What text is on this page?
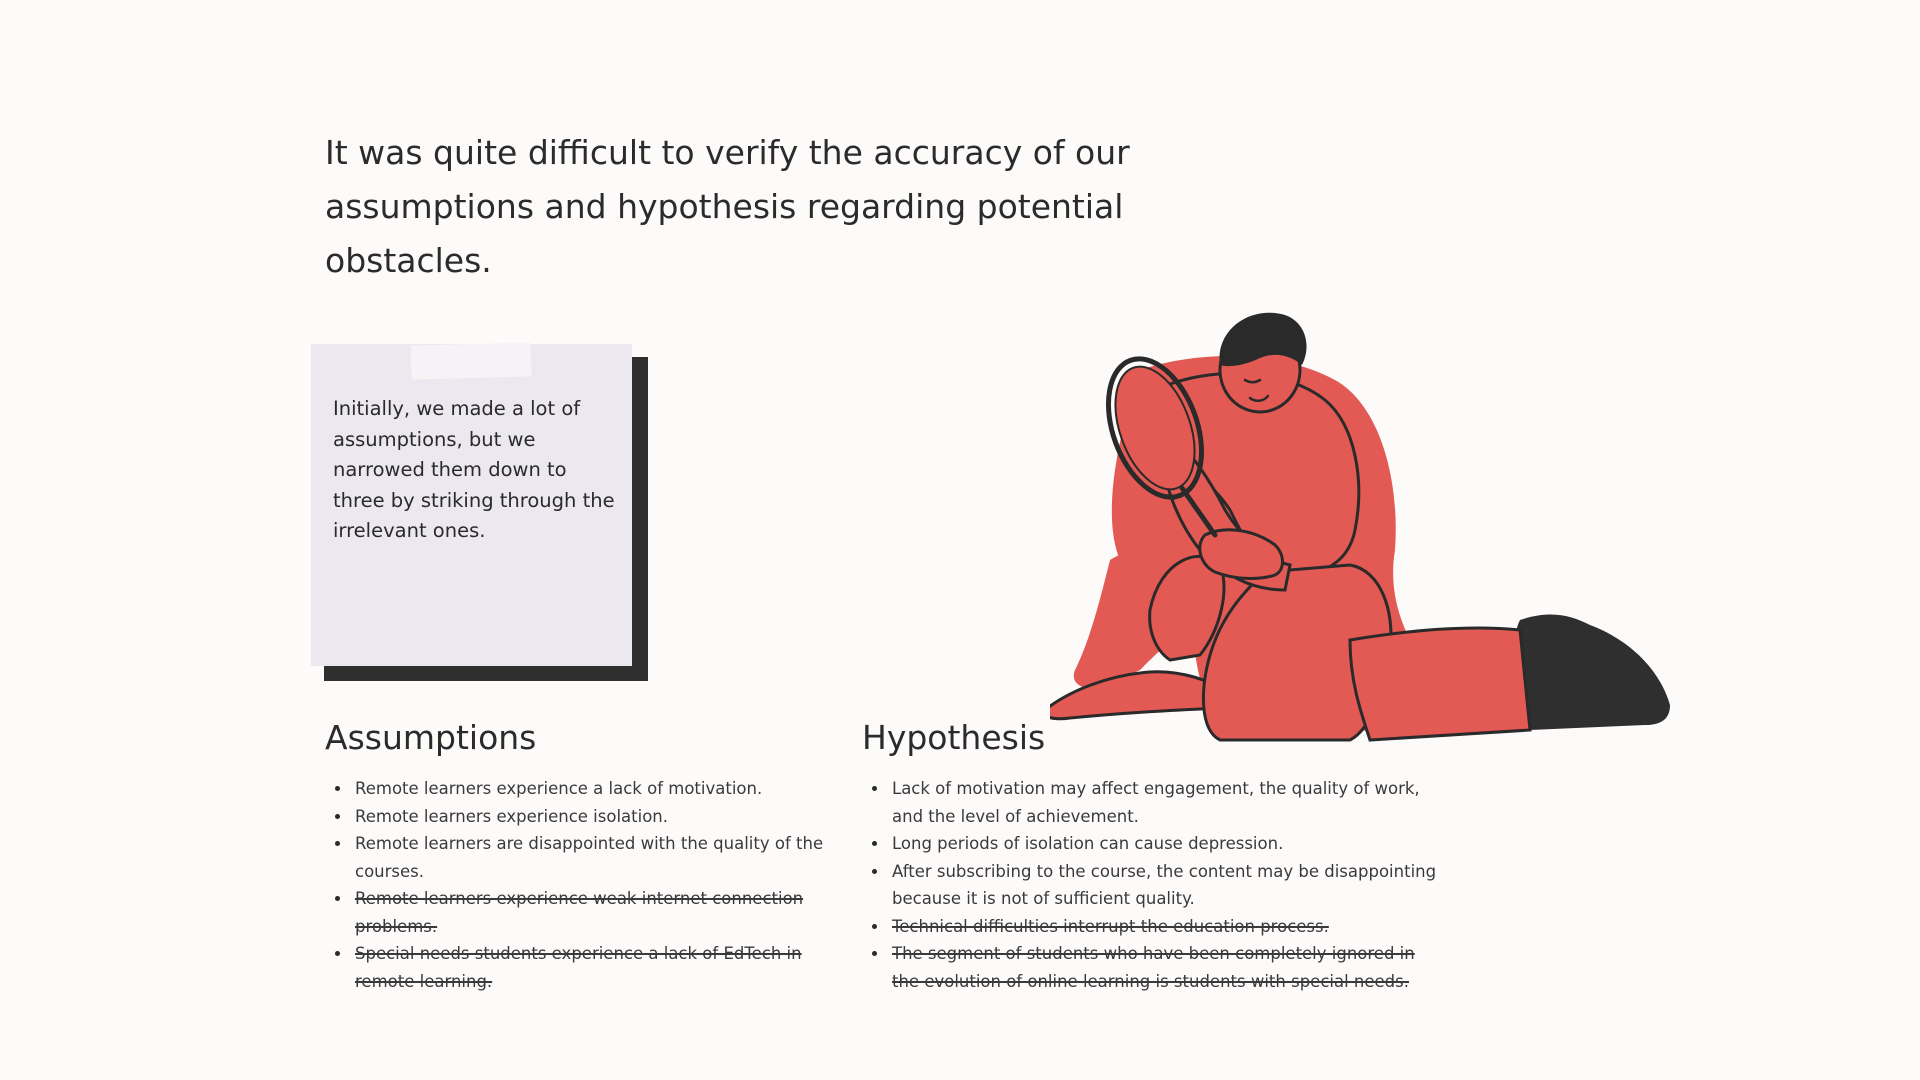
It was quite difficult to verify the accuracy of our assumptions and hypothesis regarding potential obstacles.
Initially, we made a lot of assumptions, but we narrowed them down to three by striking through the irrelevant ones.
Assumptions
Remote learners experience a lack of motivation.
Remote learners experience isolation.
Remote learners are disappointed with the quality of the courses.
Remote learners experience weak internet connection problems.
Special needs students experience a lack of EdTech in remote learning.
Hypothesis
Lack of motivation may affect engagement, the quality of work, and the level of achievement.
Long periods of isolation can cause depression.
After subscribing to the course, the content may be disappointing because it is not of sufficient quality.
Technical difficulties interrupt the education process.
The segment of students who have been completely ignored in the evolution of online learning is students with special needs.
